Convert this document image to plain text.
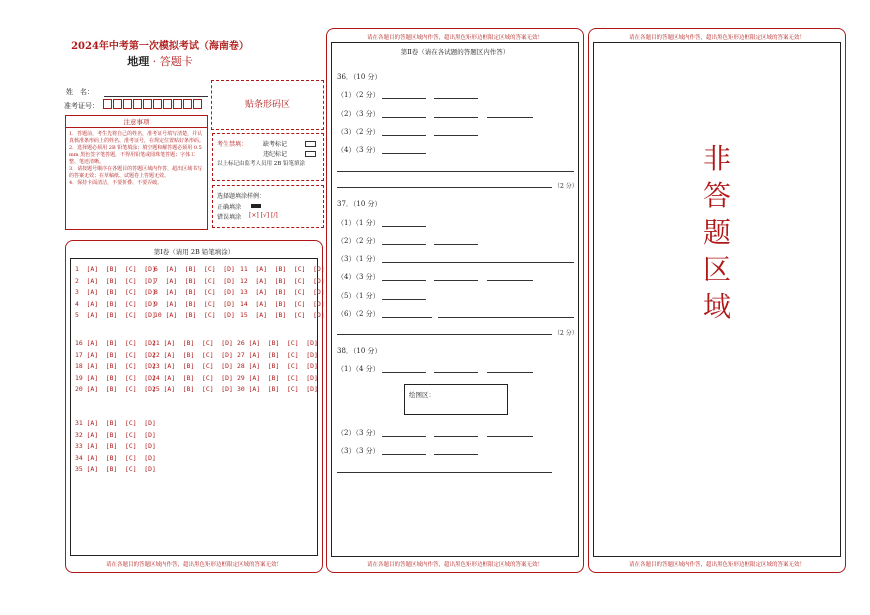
2024年中考第一次模拟考试（海南卷）
地理 · 答题卡
姓　名：
准考证号：	贴条形码区
注意事项
1．答题前，考生先将自己的姓名，准考证号填写清楚，并认真核准条形码上的姓名、准考证号，在规定位置贴好条形码。
2．选择题必须用 2B 铅笔填涂；填空题和解答题必须用 0.5 mm 黑色签字笔答题，不得用铅笔或圆珠笔答题；字体工整、笔迹清晰。
3．请按题号顺序在各题目的答题区域内作答，超出区域书写的答案无效；在草稿纸、试题卷上答题无效。
4．保持卡面清洁，不要折叠、不要弄破。
考生禁填：	缺考标记
违纪标记
以上标记由监考人员用 2B 铅笔填涂
选择题填涂样例：
正确填涂
错误填涂 [×] [√] [/]
第Ⅰ卷（请用 2B 铅笔填涂）
1  [A]  [B]  [C]  [D]
2  [A]  [B]  [C]  [D]
3  [A]  [B]  [C]  [D]
4  [A]  [B]  [C]  [D]
5  [A]  [B]  [C]  [D]
6  [A]  [B]  [C]  [D]
7  [A]  [B]  [C]  [D]
8  [A]  [B]  [C]  [D]
9  [A]  [B]  [C]  [D]
10 [A]  [B]  [C]  [D]
11  [A]  [B]  [C]  [D]
12  [A]  [B]  [C]  [D]
13  [A]  [B]  [C]  [D]
14  [A]  [B]  [C]  [D]
15  [A]  [B]  [C]  [D]
16 [A]  [B]  [C]  [D]
17 [A]  [B]  [C]  [D]
18 [A]  [B]  [C]  [D]
19 [A]  [B]  [C]  [D]
20 [A]  [B]  [C]  [D]
21 [A]  [B]  [C]  [D]
22 [A]  [B]  [C]  [D]
23 [A]  [B]  [C]  [D]
24 [A]  [B]  [C]  [D]
25 [A]  [B]  [C]  [D]
26 [A]  [B]  [C]  [D]
27 [A]  [B]  [C]  [D]
28 [A]  [B]  [C]  [D]
29 [A]  [B]  [C]  [D]
30 [A]  [B]  [C]  [D]
31 [A]  [B]  [C]  [D]
32 [A]  [B]  [C]  [D]
33 [A]  [B]  [C]  [D]
34 [A]  [B]  [C]  [D]
35 [A]  [B]  [C]  [D]
请在各题目的答题区域内作答，超出黑色矩形边框限定区域的答案无效！
请在各题目的答题区域内作答，超出黑色矩形边框限定区域的答案无效！
第Ⅱ卷（请在各试题的答题区内作答）
36．（10 分）
（1）（2 分）
（2）（3 分）
（3）（2 分）
（4）（3 分）
（2 分）
37．（10 分）
（1）（1 分）
（2）（2 分）
（3）（1 分）
（4）（3 分）
（5）（1 分）
（6）（2 分）
（2 分）
38．（10 分）
（1）（4 分）
绘图区：
（2）（3 分）
（3）（3 分）
请在各题目的答题区域内作答，超出黑色矩形边框限定区域的答案无效！
请在各题目的答题区域内作答，超出黑色矩形边框限定区域的答案无效！
非
答
题
区
域
请在各题目的答题区域内作答，超出黑色矩形边框限定区域的答案无效！
